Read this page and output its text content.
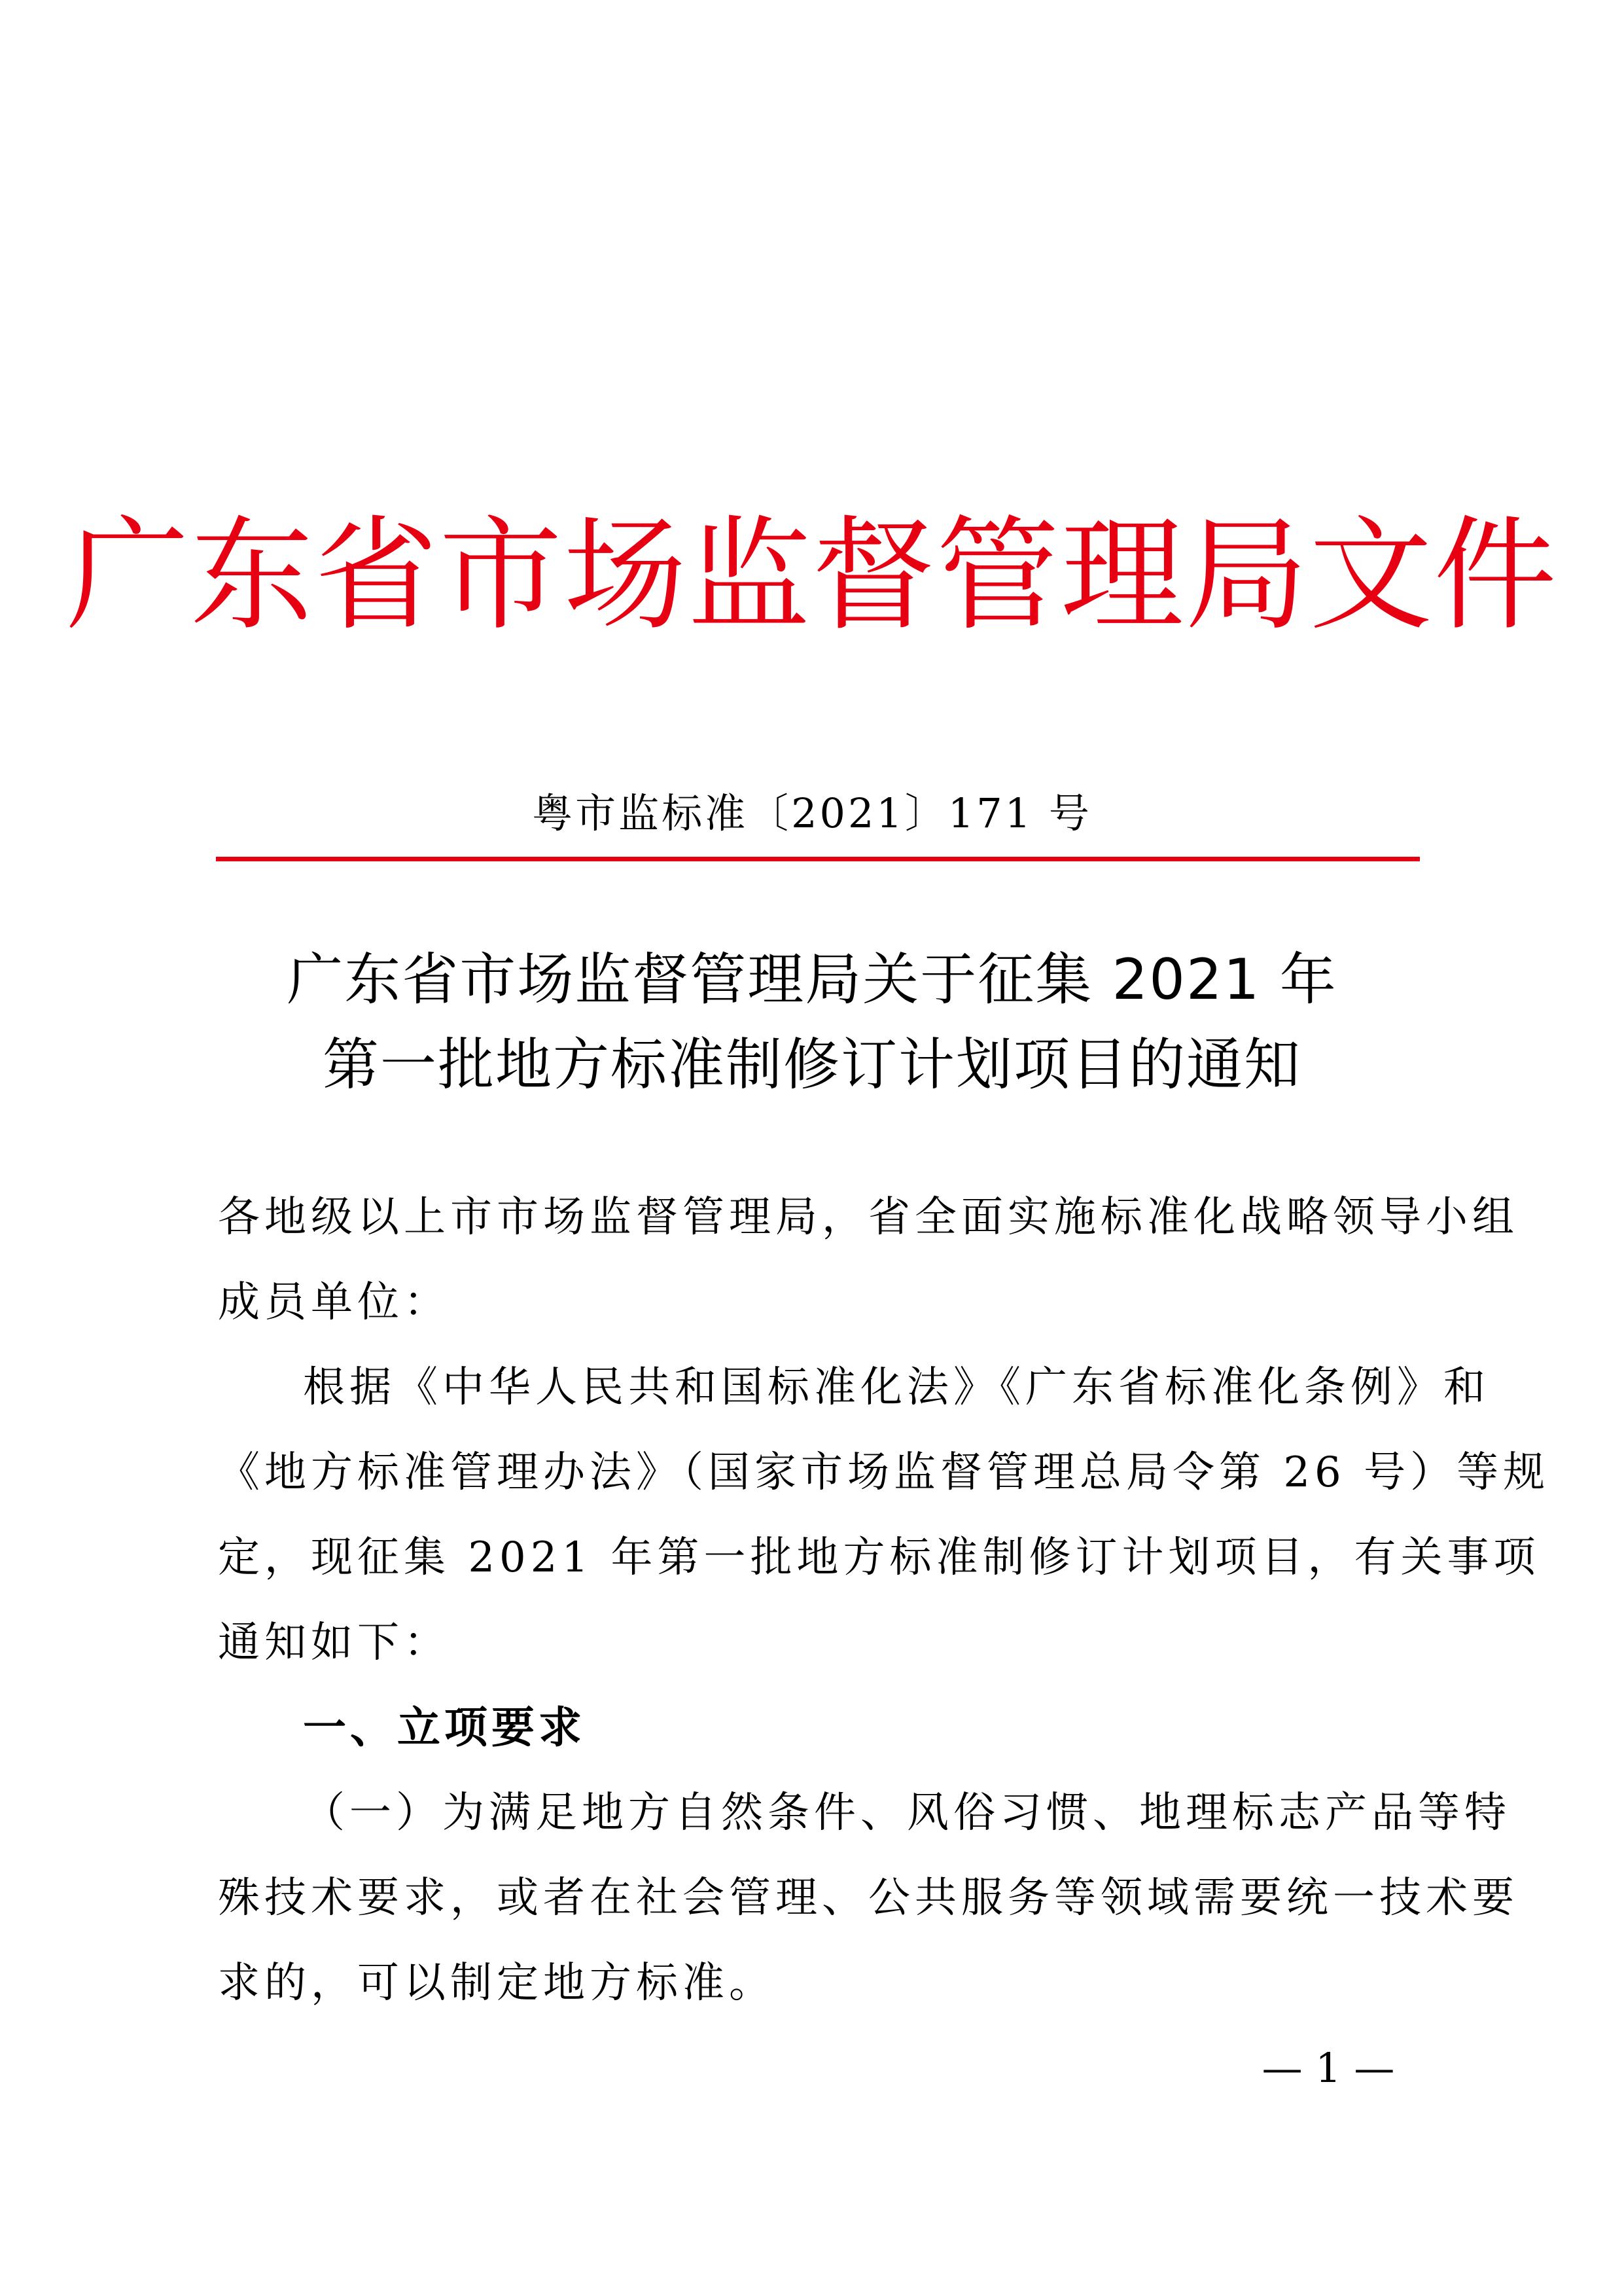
广东省市场监督管理局文件
粤市监标准〔2021〕171 号
广东省市场监督管理局关于征集 2021 年
第一批地方标准制修订计划项目的通知
各地级以上市市场监督管理局，省全面实施标准化战略领导小组
成员单位：
根据《中华人民共和国标准化法》《广东省标准化条例》和
《地方标准管理办法》（国家市场监督管理总局令第 26 号）等规
定，现征集 2021 年第一批地方标准制修订计划项目，有关事项
通知如下：
一、立项要求
（一）为满足地方自然条件、风俗习惯、地理标志产品等特
殊技术要求，或者在社会管理、公共服务等领域需要统一技术要
求的，可以制定地方标准。
— 1 —
